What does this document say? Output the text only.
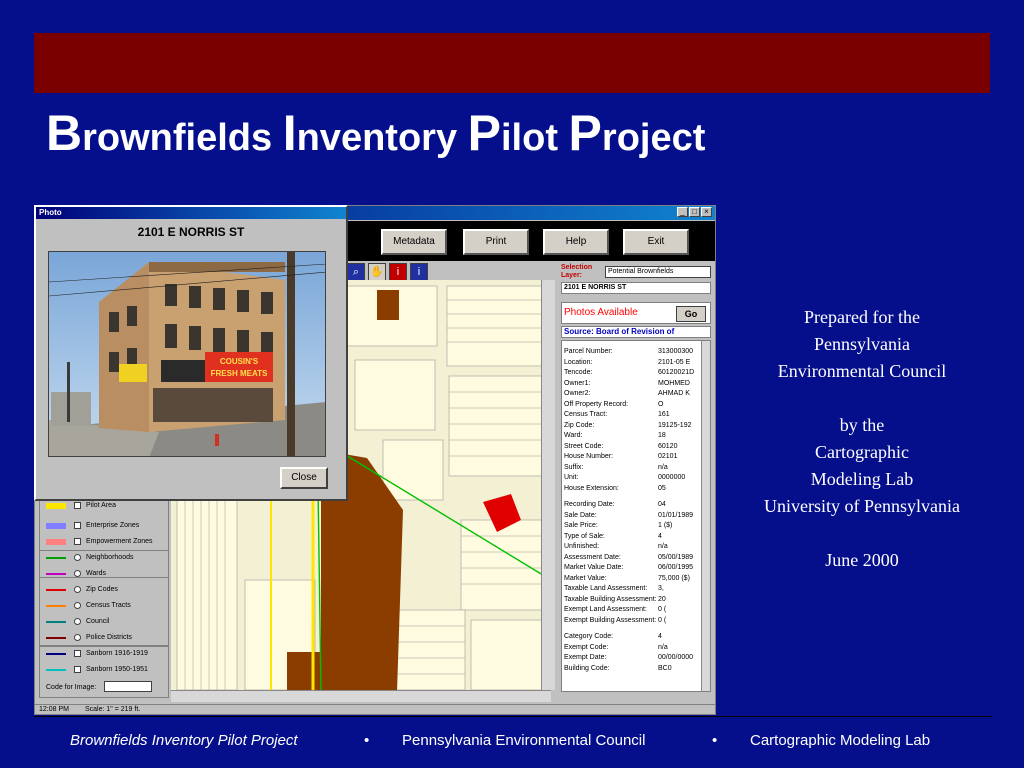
Brownfields Inventory Pilot Project
_ □ ×
Metadata	Print	Help	Exit
⌕	✋	i	i	Selection Layer:
Potential Brownfields
2101 E NORRIS ST
Photos Available	Go
Source: Board of Revision of
Parcel Number:	313000300
Location:	2101-05 E
Tencode:	60120021D
Owner1:	MOHMED
Owner2:	AHMAD K
Off Property Record:	O
Census Tract:	161
Zip Code:	19125-192
Ward:	18
Street Code:	60120
House Number:	02101
Suffix:	n/a
Unit:	0000000
House Extension:	05
Recording Date:	04
Sale Date:	01/01/1989
Sale Price:	1 ($)
Type of Sale:	4
Unfinished:	n/a
Assessment Date:	05/00/1989
Market Value Date:	06/00/1995
Market Value:	75,000 ($)
Taxable Land Assessment:	3,
Taxable Building Assessment: 20
Exempt Land Assessment:	0 (
Exempt Building Assessment: 0 (
Category Code:	4
Exempt Code:	n/a
Exempt Date:	00/00/0000
Building Code:	BC0
Pilot Area
Enterprise Zones
Empowerment Zones
Neighborhoods
Wards
Zip Codes
Census Tracts
Council
Police Districts
Sanborn 1916-1919
Sanborn 1950-1951
Code for Image:
12:08 PM Scale: 1" = 219 ft.
Photo
2101 E NORRIS ST
COUSIN'S
FRESH MEATS
Close
Prepared for the
Pennsylvania
Environmental Council
by the
Cartographic
Modeling Lab
University of Pennsylvania
June 2000
Brownfields Inventory Pilot Project	• Pennsylvania Environmental Council	• Cartographic Modeling Lab
